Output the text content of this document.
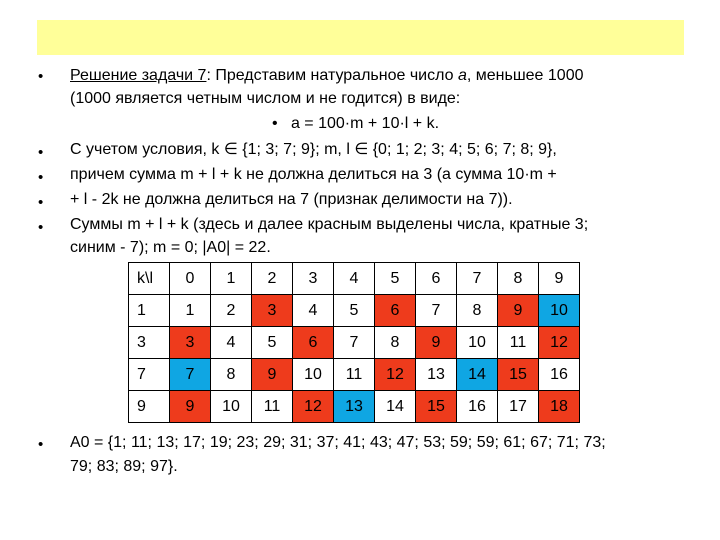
•
•
•
•
•
•
Решение задачи 7: Представим натуральное число a, меньшее 1000
(1000 является четным числом и не годится) в виде:
• a = 100·m + 10·l + k.
С учетом условия, k ∈ {1; 3; 7; 9}; m, l ∈ {0; 1; 2; 3; 4; 5; 6; 7; 8; 9},
причем сумма m + l + k не должна делиться на 3 (а сумма 10·m +
+ l - 2k не должна делиться на 7 (признак делимости на 7)).
Суммы m + l + k (здесь и далее красным выделены числа, кратные 3;
синим - 7); m = 0; |A0| = 22.
k\l	0	1	2	3	4	5	6	7	8	9
1	1	2	3	4	5	6	7	8	9	10
3	3	4	5	6	7	8	9	10	11	12
7	7	8	9	10	11	12	13	14	15	16
9	9	10	11	12	13	14	15	16	17	18
A0 = {1; 11; 13; 17; 19; 23; 29; 31; 37; 41; 43; 47; 53; 59; 59; 61; 67; 71; 73;
79; 83; 89; 97}.
